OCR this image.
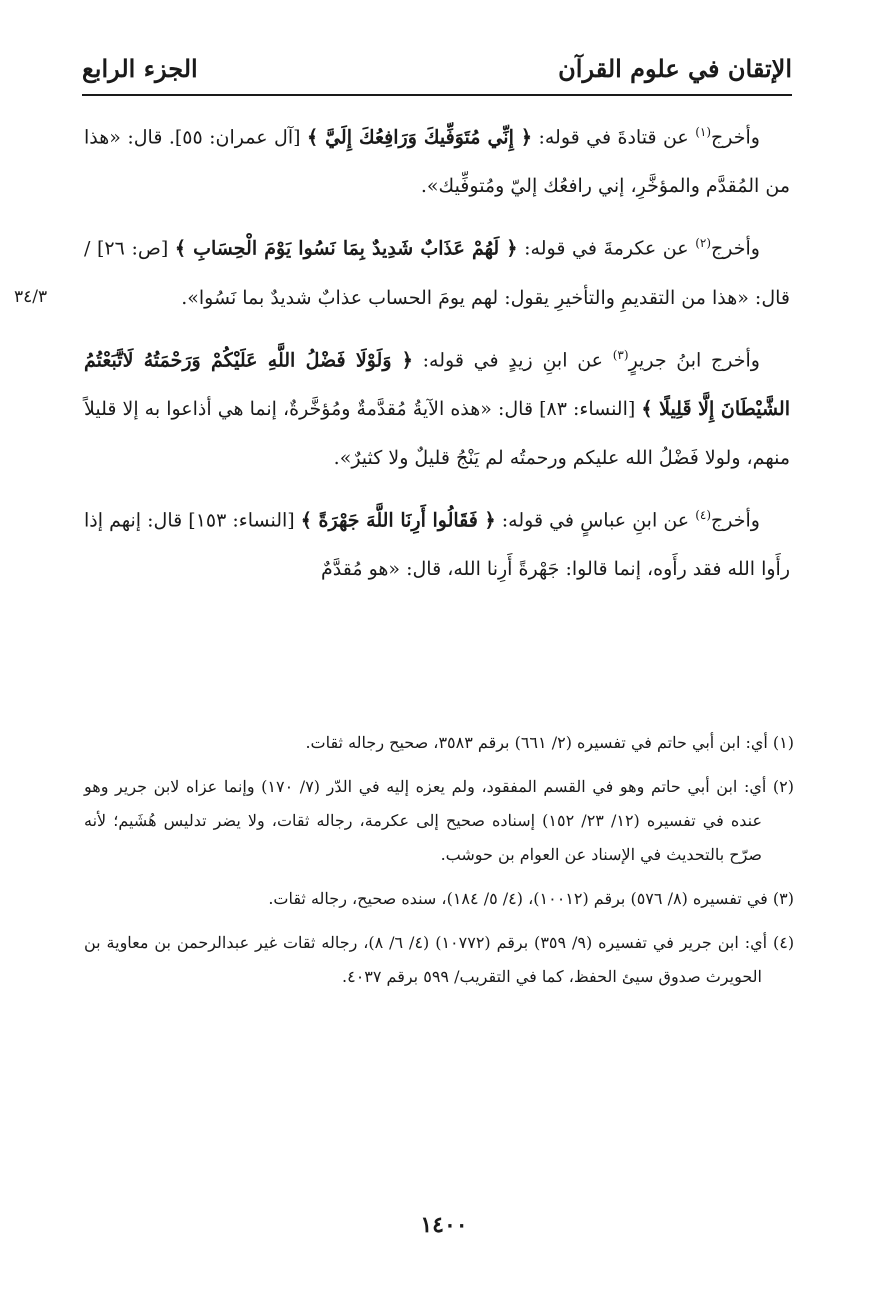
الإتقان في علوم القرآن
الجزء الرابع
٣٤/٣

وأخرج$^{(١)}$ عن قتادةَ في قوله: ﴿ إِنِّي مُتَوَفِّيكَ وَرَافِعُكَ إِلَيَّ ﴾ [آل عمران: ٥٥]. قال: «هذا من المُقدَّم والمؤخَّرِ، إني رافعُك إليّ ومُتوفِّيك».

وأخرج$^{(٢)}$ عن عكرمةَ في قوله: ﴿ لَهُمْ عَذَابٌ شَدِيدٌ بِمَا نَسُوا يَوْمَ الْحِسَابِ ﴾ [ص: ٢٦] / قال: «هذا من التقديمِ والتأخيرِ يقول: لهم يومَ الحساب عذابٌ شديدٌ بما نَسُوا».

وأخرج ابنُ جريرٍ$^{(٣)}$ عن ابنِ زيدٍ في قوله: ﴿ وَلَوْلَا فَضْلُ اللَّهِ عَلَيْكُمْ وَرَحْمَتُهُ لَاتَّبَعْتُمُ الشَّيْطَانَ إِلَّا قَلِيلًا ﴾ [النساء: ٨٣] قال: «هذه الآيةُ مُقدَّمةٌ ومُؤخَّرةٌ، إنما هي أذاعوا به إلا قليلاً منهم، ولولا فَضْلُ الله عليكم ورحمتُه لم يَنْجُ قليلٌ ولا كثيرٌ».

وأخرج$^{(٤)}$ عن ابنِ عباسٍ في قوله: ﴿ فَقَالُوا أَرِنَا اللَّهَ جَهْرَةً ﴾ [النساء: ١٥٣] قال: إنهم إذا رأَوا الله فقد رأَوه، إنما قالوا: جَهْرةً أَرِنا الله، قال: «هو مُقدَّمٌ

(١) أي: ابن أبي حاتم في تفسيره (٢/ ٦٦١) برقم ٣٥٨٣، صحيح رجاله ثقات.

(٢) أي: ابن أبي حاتم وهو في القسم المفقود، ولم يعزه إليه في الدّر (٧/ ١٧٠) وإنما عزاه لابن جرير وهو عنده في تفسيره (١٢/ ٢٣/ ١٥٢) إسناده صحيح إلى عكرمة، رجاله ثقات، ولا يضر تدليس هُشَيم؛ لأنه صرّح بالتحديث في الإسناد عن العوام بن حوشب.

(٣) في تفسيره (٨/ ٥٧٦) برقم (١٠٠١٢)، (٤/ ٥/ ١٨٤)، سنده صحيح، رجاله ثقات.

(٤) أي: ابن جرير في تفسيره (٩/ ٣٥٩) برقم (١٠٧٧٢) (٤/ ٦/ ٨)، رجاله ثقات غير عبدالرحمن بن معاوية بن الحويرث صدوق سيئ الحفظ، كما في التقريب/ ٥٩٩ برقم ٤٠٣٧.

١٤٠٠
